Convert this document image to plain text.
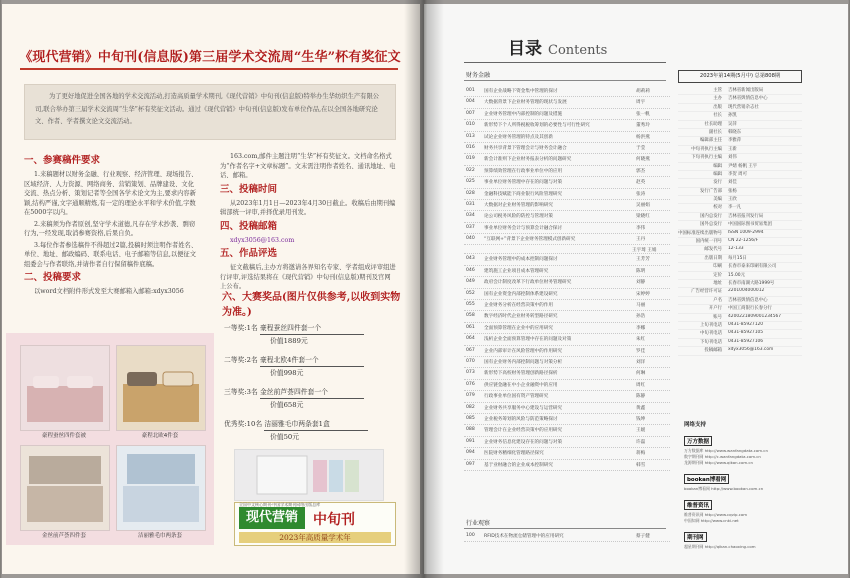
《现代营销》中旬刊(信息版)第三届学术交流周“生华”杯有奖征文
为了更好地促进全国各地的学术交流活动,打造高质量学术期刊,《现代营销》中旬刊(信息版)特举办生华纺织生产有限公司,联合举办第三届学术交流周“生华”杯有奖征文活动。通过《现代营销》中旬刊(信息版)发布单位作品,在以全国各地研究论文、作者、学者撰文论文交流活动。
一、参赛稿件要求

1.来稿题材以财务金融、行业观察、经济管理、现场报告、区域经济、人力资源、网络商务、营销策划、品牌建设、文化交流、热点分析、策划记者等全国各学术论文为主,要求内容新颖,结构严谨,文字通顺精炼,有一定的理论水平和学术价值,字数在5000字以内。

2.来稿须为作者原创,坚守学术道德,凡存在学术抄袭、剽窃行为,一经发现,取消参赛资格,后果自负。

3.每位作者参选稿件不得超过2篇,投稿时须注明作者姓名、单位、地址、邮政编码、联系电话、电子邮箱等信息,以便征文组委会与作者联络,并请作者自行保留稿件底稿。

二、投稿要求

以word文档附件形式发至大赛邮箱入邮箱:xdyx3056

163.com,邮件主题注明“生华”杯有奖征文。文档命名格式为“作者名字+文章标题”。文末需注明作者姓名、通讯地址、电话、邮箱。

三、投稿时间

从2023年1月1日—2023年4月30日截止。收稿后由期刊编辑部统一评审,并择优录用刊发。

四、投稿邮箱

xdyx3056@163.com

五、作品评选

征文截稿后,主办方将邀请各界知名专家、学者组成评审组进行评审,评选结果将在《现代营销》中旬刊(信息版)期刊及官网上公布。

六、大赛奖品(图片仅供参考,以收到实物为准。)
一等奖:1名 豪程蚕丝四件套一个
价值1889元
二等奖:2名 豪程北欧4件套一个
价值998元
三等奖:3名 金丝前芦荟四件套一个
价值658元
优秀奖:10名 洁丽雅毛巾两条套1盒
价值50元
全国中文核心期刊·中国学术期刊网络出版总库
现代营销	中旬刊
2023年高质量学术年
豪程蚕丝四件套被	豪程北欧4件套
金丝前芦荟四件套	洁丽雅毛巾两条套
目录 Contents
财务金融
001	国有企业战略下资金集中管理的探讨	胡莉莉
004	大数据背景下企业财务管理的现状与发展	周宇
007	企业财务管理中内部控制的问题及措施	张一帆
010	新形势下个人所得税税收筹划的必要性与可行性研究	董秀玲
013	试论企业财务管理的特点及其创新	杨洪燕
016	财务共享背景下管理会计与财务会计融合	于莹
019	新会计准则下企业财务报表分析的问题研究	何晓燕
022	预算绩效管理在行政事业单位中的应用	郭杰
025	事业单位财务管理中存在的问题与对策	赵英
028	金融科技赋能下商业银行风险管理研究	张涛
031	大数据对企业财务管理的影响研究	吴丽娟
034	论公司税务风险的防控与管理对策	梁晓红
037	事业单位财务会计与预算会计融合探讨	李伟
040	“互联网+”背景下企业财务管理模式创新研究	王丹
王宇琦 王娟
043	企业财务管理中的成本控制问题探讨	王芳芳
046	建筑施工企业项目成本管理研究	陈明
049	政府会计制度改革下行政单位财务管理研究	刘静
052	国有企业资金内部控制体系建设研究	宋婷婷
055	企业财务分析在经营决策中的作用	马丽
058	数字经济时代企业财务转型路径研究	孙浩
061	全面预算管理在企业中的应用研究	李娜
064	浅析企业全面预算管理中存在的问题及对策	朱红
067	企业内部审计在风险管理中的作用研究	罗佳
070	国有企业财务内部控制问题与对策分析	刘洋
073	新形势下高校财务管理创新路径探析	何琳
076	供应链金融在中小企业融资中的应用	周红
079	行政事业单位国有资产管理研究	陈静
082	企业财务共享服务中心建设与运营研究	黄鑫
085	企业税务筹划的风险与防范策略探讨	钱坤
088	管理会计在企业经营决策中的应用研究	王媛
091	企业财务信息化建设存在的问题与对策	许磊
094	医院财务精细化管理路径探究	蒋梅
097	基于业财融合的企业成本控制研究	韩雪
行业观察
100	RFID技术在物流仓储管理中的应用研究	蔡子健
2023年第14期(5月中) 总第808期
主管 吉林省新闻出版局
主办 吉林省舆情信息中心
出版 现代营销杂志社
社长 孙凯
社长助理 吴萍
副社长 韩晓东
编辑部主任 李雅萍
中旬刊执行主编 王新
下旬刊执行主编 刘伟
编辑 尹婧 杨帆 王宇
编辑 李贺 周可
发行 刘佳
发行广告部 张杨
美编 王欣
校对 李一凡
国内总发行 吉林省报刊发行局
国外总发行 中国国际图书贸易集团
中国标准连续出版物号 ISSN 1009-2994
国内统一刊号 CN 22-1256/F
邮发代号 12-133
出版日期 每月15日
印刷 长春市泰来印刷有限公司
定价 15.00元
地址 长春市南湖大路1999号
广告经营许可证 2201004000012
户名 吉林省舆情信息中心
开户行 中国工商银行长春分行
账号 4200221809001234567
上旬刊电话 0431-85927120
中旬刊电话 0431-85927105
下旬刊电话 0431-85927106
投稿邮箱 xdyx3056@163.com
网络支持
万方数据
万方数据库 http://www.wanfangdata.com.cn
数字期刊网 http://c.wanfangdata.com.cn
龙源期刊网 http://www.qikan.com.cn
bookan博看网
bookan博看网 http://www.bookan.com.cn
维普资讯
维普资讯网 http://www.cqvip.com
中国知网 http://www.cnki.net
期刊网
超星期刊网 http://qikan.chaoxing.com
